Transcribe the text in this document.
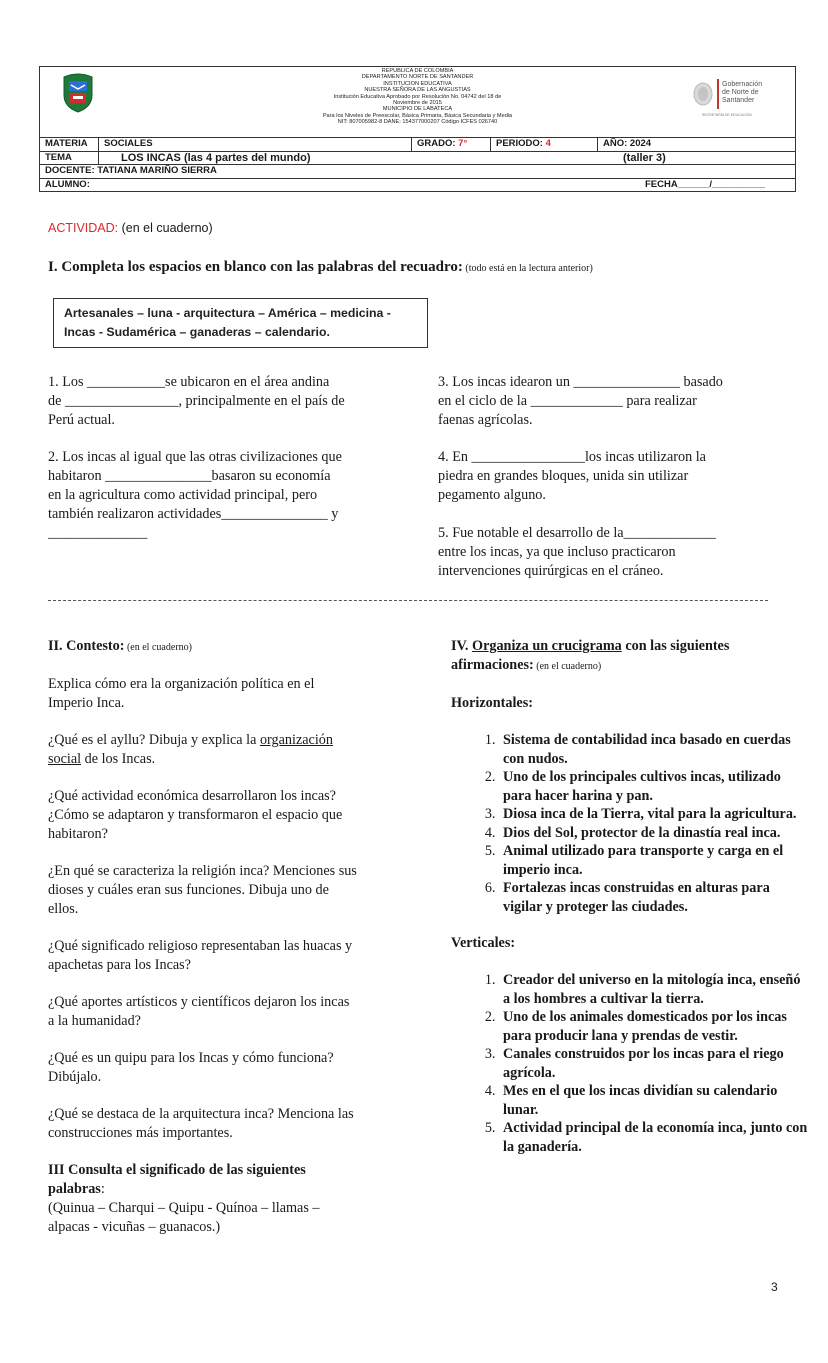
REPUBLICA DE COLOMBIA
DEPARTAMENTO NORTE DE SANTANDER
INSTITUCION EDUCATIVA
NUESTRA SEÑORA DE LAS ANGUSTIAS
Institución Educativa Aprobado por Resolución No. 04742 del 18 de
Noviembre de 2015
MUNICIPIO DE LABATECA
Para los Niveles de Preescolar, Básica Primaria, Básica Secundaria y Media
NIT: 807005982-8 DANE: 154377000207 Código ICFES 026740
Gobernación
de Norte de
Santander
SECRETARÍA DE EDUCACIÓN
MATERIA	SOCIALES	GRADO: 7°	PERIODO: 4	AÑO: 2024
TEMA	LOS INCAS (las 4 partes del mundo)	(taller 3)
DOCENTE: TATIANA MARIÑO SIERRA
ALUMNO:	FECHA______/__________
ACTIVIDAD: (en el cuaderno)
I. Completa los espacios en blanco con las palabras del recuadro: (todo está en la lectura anterior)
Artesanales – luna - arquitectura – América – medicina -
Incas - Sudamérica – ganaderas – calendario.
1. Los ___________se ubicaron en el área andina
de ________________, principalmente en el país de
Perú actual.
2. Los incas al igual que las otras civilizaciones que
habitaron _______________basaron su economía
en la agricultura como actividad principal, pero
también realizaron actividades_______________ y
______________
3. Los incas idearon un _______________ basado
en el ciclo de la _____________ para realizar
faenas agrícolas.
4. En ________________los incas utilizaron la
piedra en grandes bloques, unida sin utilizar
pegamento alguno.
5. Fue notable el desarrollo de la_____________
entre los incas, ya que incluso practicaron
intervenciones quirúrgicas en el cráneo.
II. Contesto: (en el cuaderno)
Explica cómo era la organización política en el
Imperio Inca.
¿Qué es el ayllu? Dibuja y explica la organización
social de los Incas.
¿Qué actividad económica desarrollaron los incas?
¿Cómo se adaptaron y transformaron el espacio que
habitaron?
¿En qué se caracteriza la religión inca? Menciones sus
dioses y cuáles eran sus funciones. Dibuja uno de
ellos.
¿Qué significado religioso representaban las huacas y
apachetas para los Incas?
¿Qué aportes artísticos y científicos dejaron los incas
a la humanidad?
¿Qué es un quipu para los Incas y cómo funciona?
Dibújalo.
¿Qué se destaca de la arquitectura inca? Menciona las
construcciones más importantes.
III Consulta el significado de las siguientes
palabras:
(Quinua – Charqui – Quipu - Quínoa – llamas –
alpacas - vicuñas – guanacos.)
IV. Organiza un crucigrama con las siguientes
afirmaciones: (en el cuaderno)
Horizontales:
1. Sistema de contabilidad inca basado en cuerdas con nudos.
2. Uno de los principales cultivos incas, utilizado para hacer harina y pan.
3. Diosa inca de la Tierra, vital para la agricultura.
4. Dios del Sol, protector de la dinastía real inca.
5. Animal utilizado para transporte y carga en el imperio inca.
6. Fortalezas incas construidas en alturas para vigilar y proteger las ciudades.
Verticales:
1. Creador del universo en la mitología inca, enseñó a los hombres a cultivar la tierra.
2. Uno de los animales domesticados por los incas para producir lana y prendas de vestir.
3. Canales construidos por los incas para el riego agrícola.
4. Mes en el que los incas dividían su calendario lunar.
5. Actividad principal de la economía inca, junto con la ganadería.
3
